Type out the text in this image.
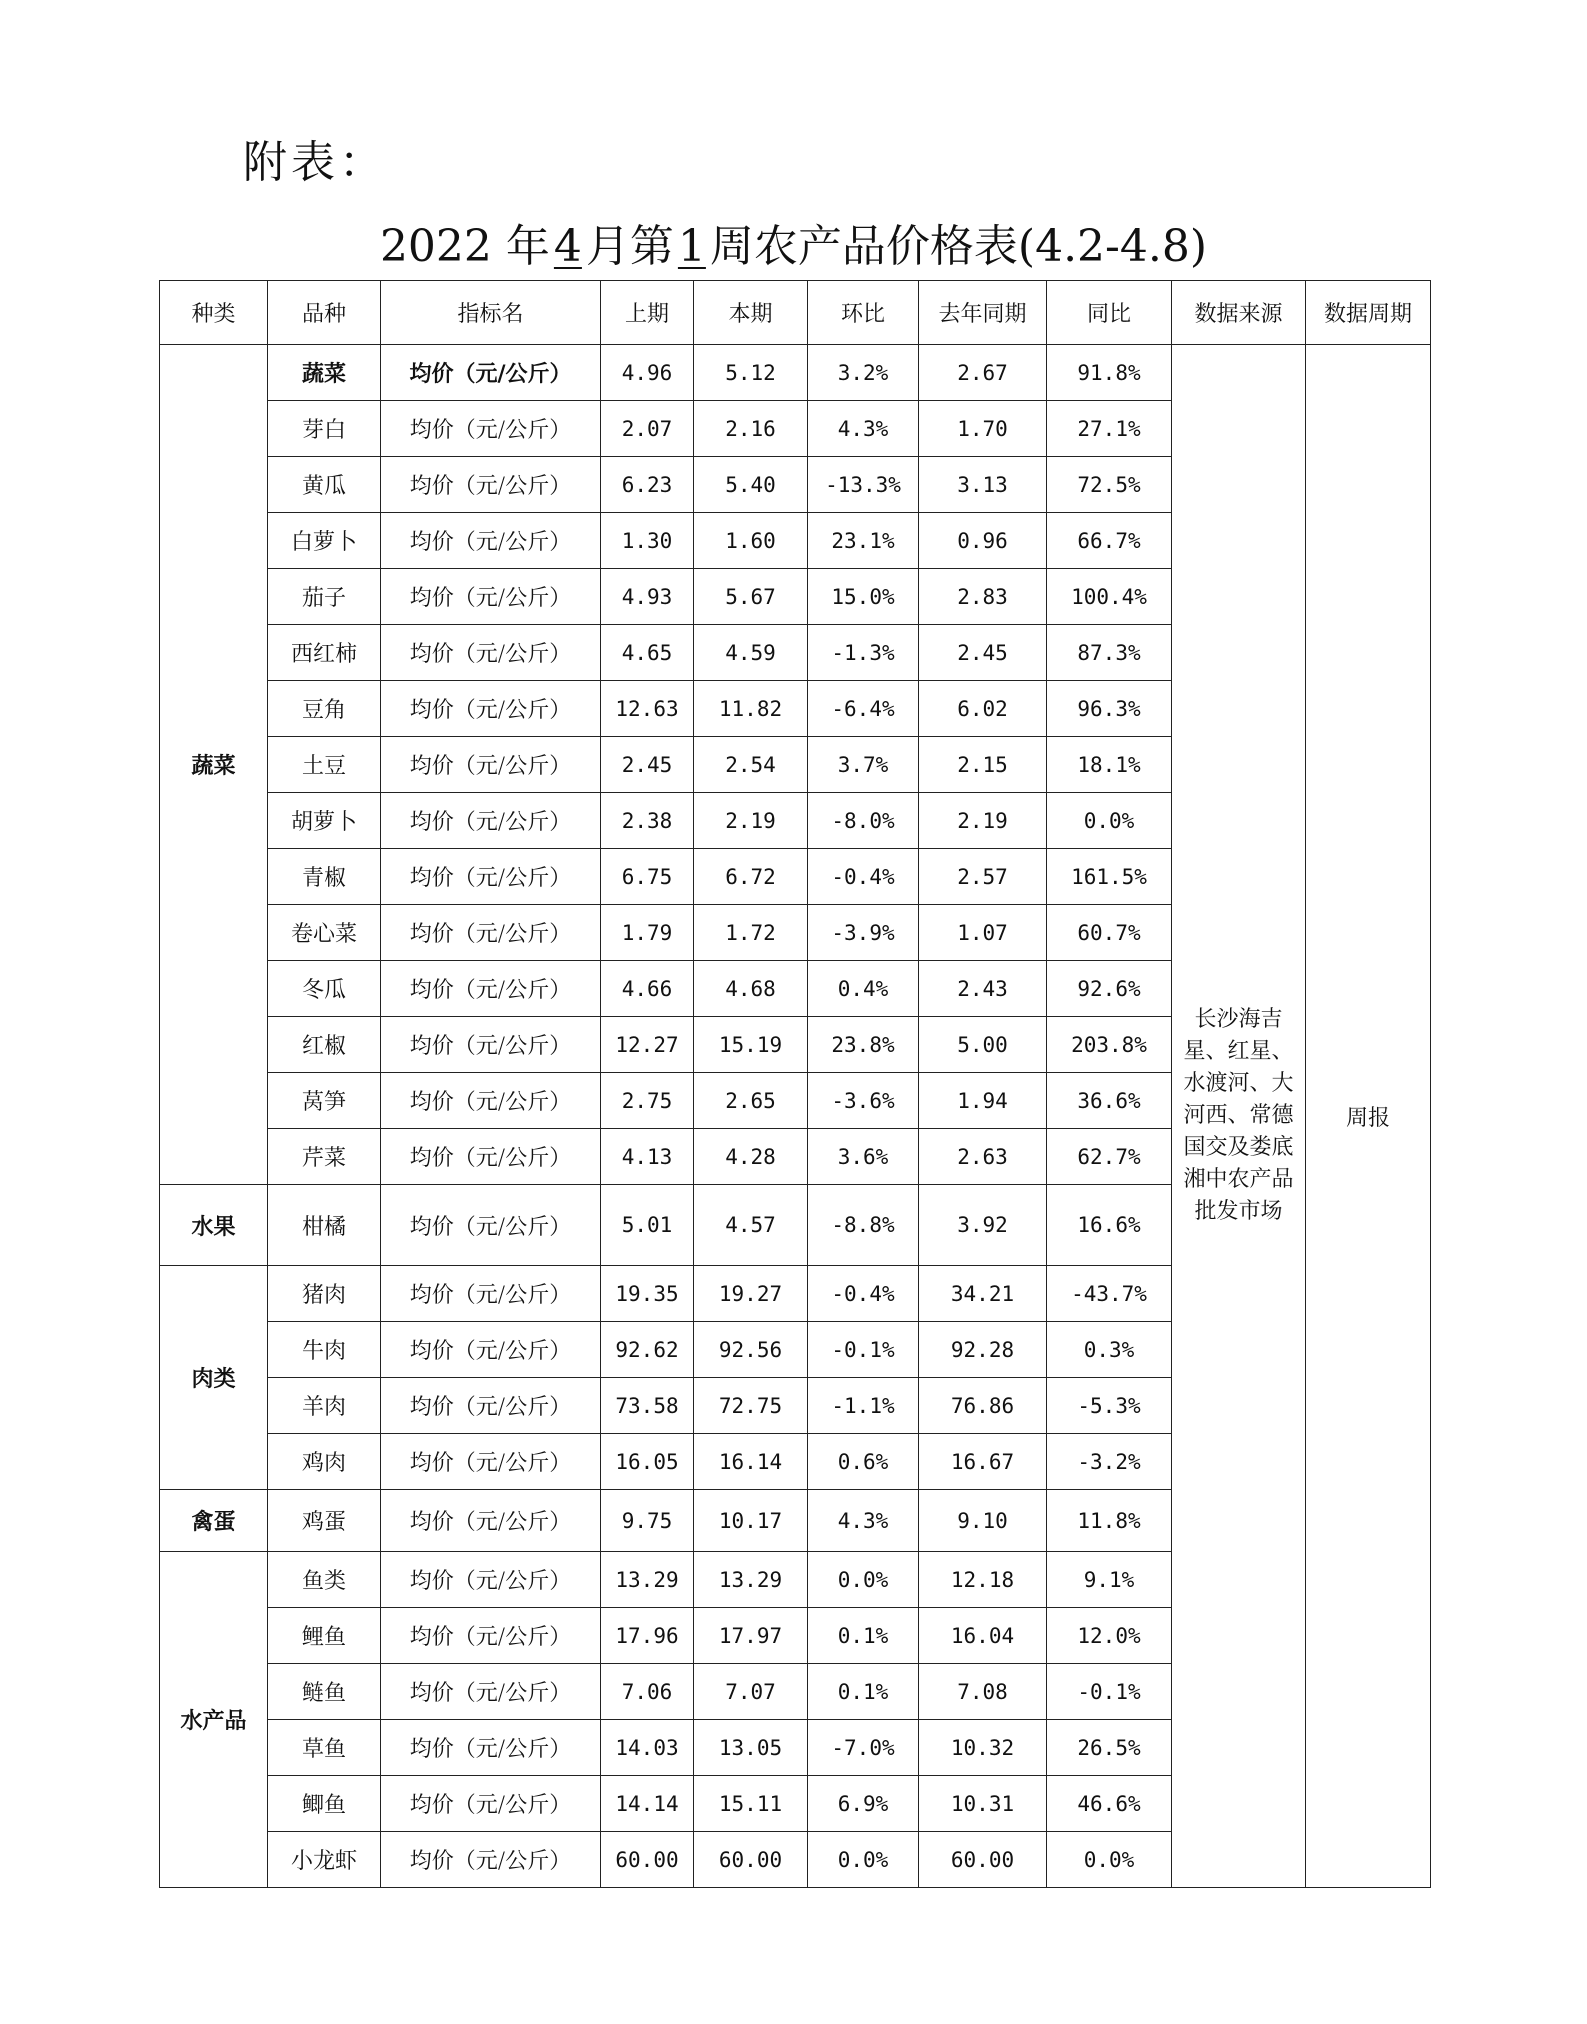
附表：
2022 年4月第1周农产品价格表(4.2-4.8)
种类	品种	指标名	上期	本期	环比	去年同期	同比	数据来源	数据周期
蔬菜	蔬菜	均价（元/公斤）	4.96	5.12	3.2%	2.67	91.8%	长沙海吉星、红星、水渡河、大河西、常德国交及娄底湘中农产品批发市场	周报
	芽白	均价（元/公斤）	2.07	2.16	4.3%	1.70	27.1%		
	黄瓜	均价（元/公斤）	6.23	5.40	-13.3%	3.13	72.5%		
	白萝卜	均价（元/公斤）	1.30	1.60	23.1%	0.96	66.7%		
	茄子	均价（元/公斤）	4.93	5.67	15.0%	2.83	100.4%		
	西红柿	均价（元/公斤）	4.65	4.59	-1.3%	2.45	87.3%		
	豆角	均价（元/公斤）	12.63	11.82	-6.4%	6.02	96.3%		
	土豆	均价（元/公斤）	2.45	2.54	3.7%	2.15	18.1%		
	胡萝卜	均价（元/公斤）	2.38	2.19	-8.0%	2.19	0.0%		
	青椒	均价（元/公斤）	6.75	6.72	-0.4%	2.57	161.5%		
	卷心菜	均价（元/公斤）	1.79	1.72	-3.9%	1.07	60.7%		
	冬瓜	均价（元/公斤）	4.66	4.68	0.4%	2.43	92.6%		
	红椒	均价（元/公斤）	12.27	15.19	23.8%	5.00	203.8%		
	莴笋	均价（元/公斤）	2.75	2.65	-3.6%	1.94	36.6%		
	芹菜	均价（元/公斤）	4.13	4.28	3.6%	2.63	62.7%		
水果	柑橘	均价（元/公斤）	5.01	4.57	-8.8%	3.92	16.6%		
肉类	猪肉	均价（元/公斤）	19.35	19.27	-0.4%	34.21	-43.7%		
	牛肉	均价（元/公斤）	92.62	92.56	-0.1%	92.28	0.3%		
	羊肉	均价（元/公斤）	73.58	72.75	-1.1%	76.86	-5.3%		
	鸡肉	均价（元/公斤）	16.05	16.14	0.6%	16.67	-3.2%		
禽蛋	鸡蛋	均价（元/公斤）	9.75	10.17	4.3%	9.10	11.8%		
水产品	鱼类	均价（元/公斤）	13.29	13.29	0.0%	12.18	9.1%		
	鲤鱼	均价（元/公斤）	17.96	17.97	0.1%	16.04	12.0%		
	鲢鱼	均价（元/公斤）	7.06	7.07	0.1%	7.08	-0.1%		
	草鱼	均价（元/公斤）	14.03	13.05	-7.0%	10.32	26.5%		
	鲫鱼	均价（元/公斤）	14.14	15.11	6.9%	10.31	46.6%		
	小龙虾	均价（元/公斤）	60.00	60.00	0.0%	60.00	0.0%		
